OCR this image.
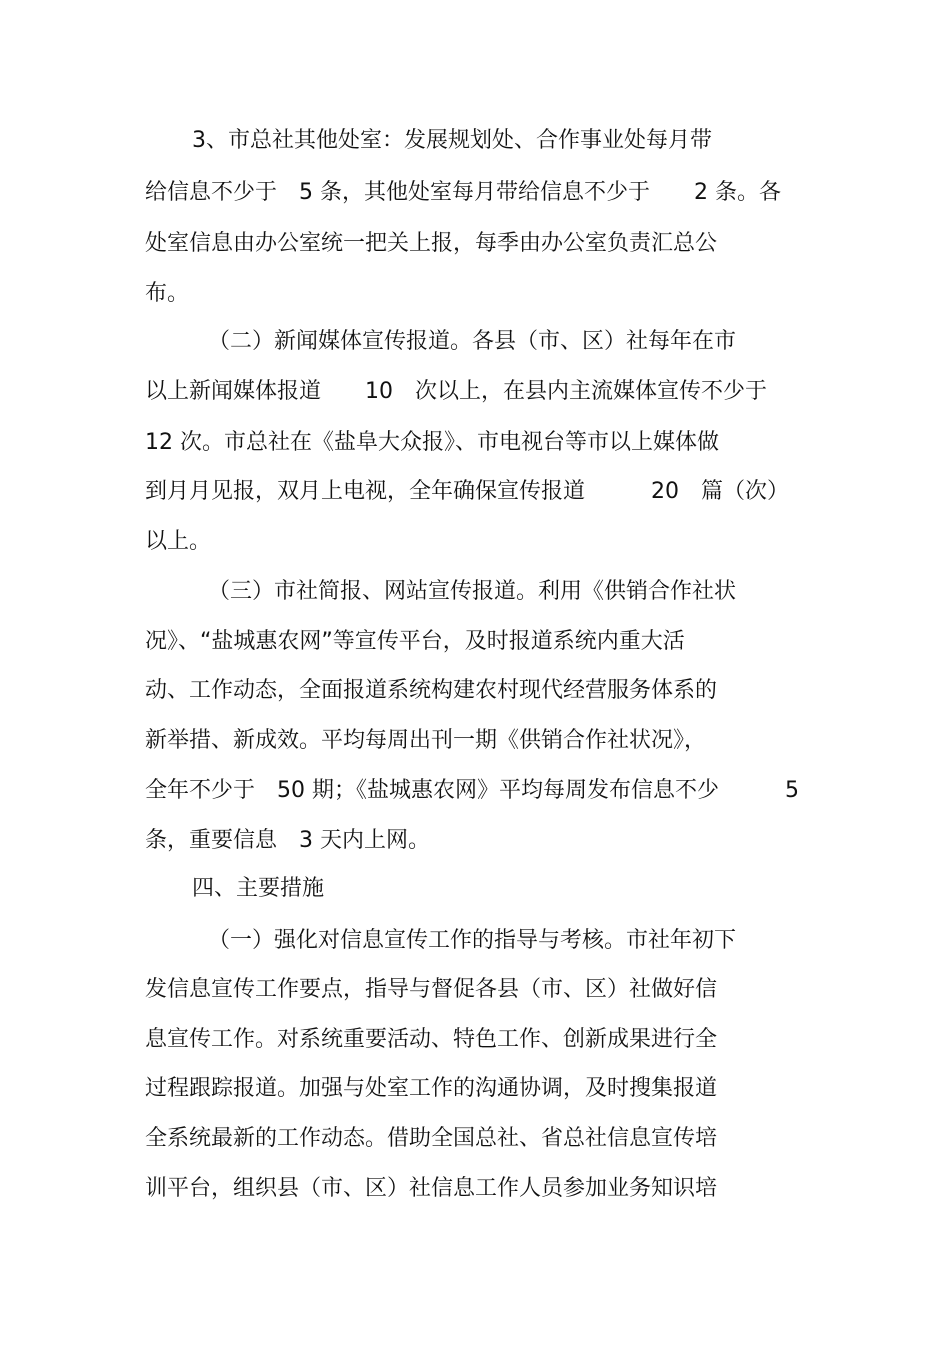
3、市总社其他处室：发展规划处、合作事业处每月带
给信息不少于　5 条，其他处室每月带给信息不少于　　2 条。各
处室信息由办公室统一把关上报，每季由办公室负责汇总公
布。
（二）新闻媒体宣传报道。各县（市、区）社每年在市
以上新闻媒体报道　　10　次以上，在县内主流媒体宣传不少于
12 次。市总社在《盐阜大众报》、市电视台等市以上媒体做
到月月见报，双月上电视，全年确保宣传报道　　　20　篇（次）
以上。
（三）市社简报、网站宣传报道。利用《供销合作社状
况》、“盐城惠农网”等宣传平台，及时报道系统内重大活
动、工作动态，全面报道系统构建农村现代经营服务体系的
新举措、新成效。平均每周出刊一期《供销合作社状况》，
全年不少于　50 期；《盐城惠农网》平均每周发布信息不少　　　5
条，重要信息　3 天内上网。
四、主要措施
（一）强化对信息宣传工作的指导与考核。市社年初下
发信息宣传工作要点，指导与督促各县（市、区）社做好信
息宣传工作。对系统重要活动、特色工作、创新成果进行全
过程跟踪报道。加强与处室工作的沟通协调，及时搜集报道
全系统最新的工作动态。借助全国总社、省总社信息宣传培
训平台，组织县（市、区）社信息工作人员参加业务知识培
